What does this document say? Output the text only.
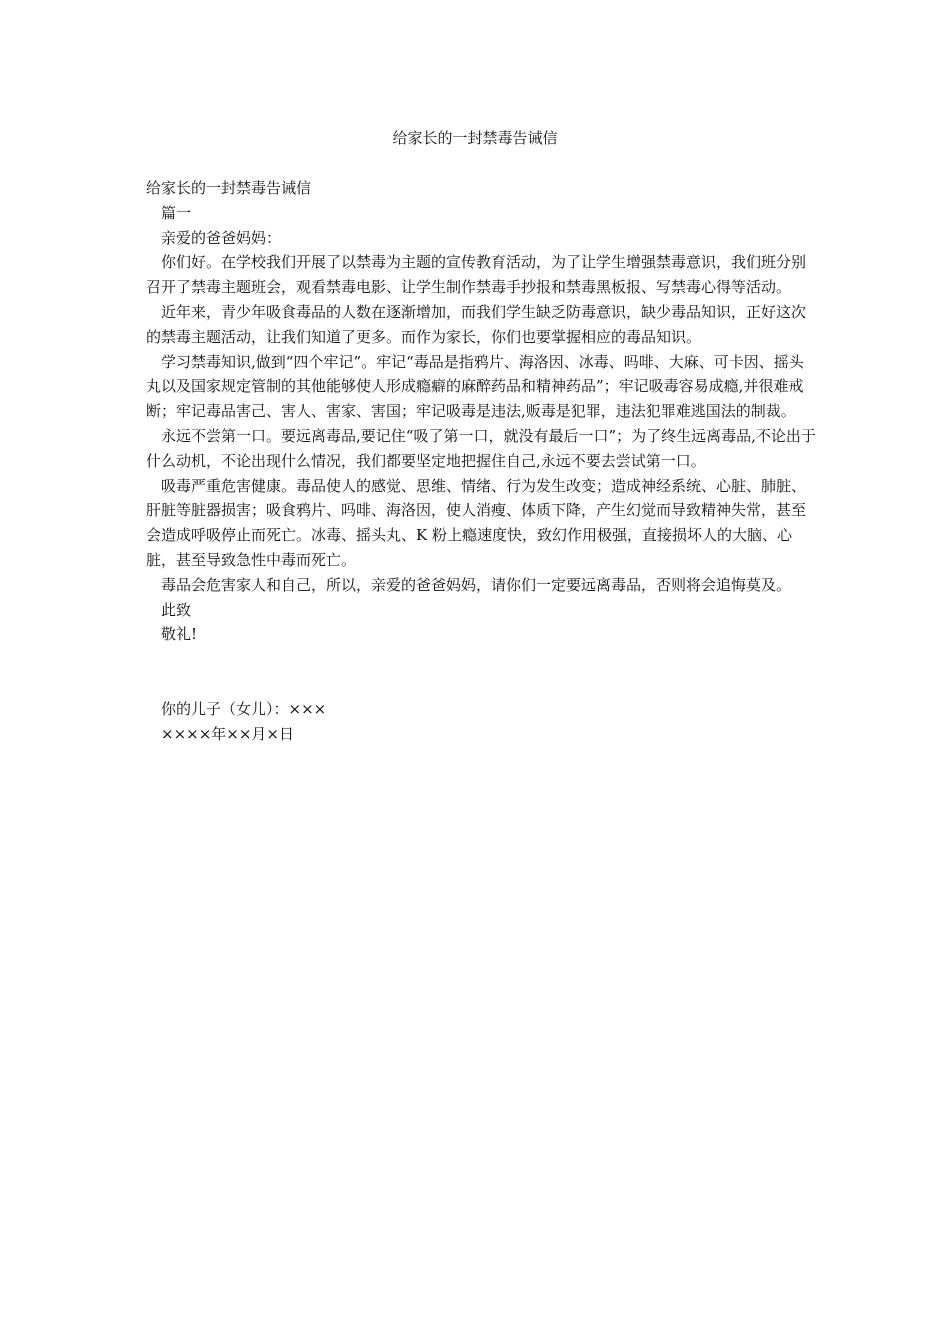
给家长的一封禁毒告诫信

给家长的一封禁毒告诫信

篇一

亲爱的爸爸妈妈：

你们好。在学校我们开展了以禁毒为主题的宣传教育活动，为了让学生增强禁毒意识，我们班分别召开了禁毒主题班会，观看禁毒电影、让学生制作禁毒手抄报和禁毒黑板报、写禁毒心得等活动。

近年来，青少年吸食毒品的人数在逐渐增加，而我们学生缺乏防毒意识，缺少毒品知识，正好这次的禁毒主题活动，让我们知道了更多。而作为家长，你们也要掌握相应的毒品知识。

学习禁毒知识,做到“四个牢记”。牢记“毒品是指鸦片、海洛因、冰毒、吗啡、大麻、可卡因、摇头丸以及国家规定管制的其他能够使人形成瘾癖的麻醉药品和精神药品”；牢记吸毒容易成瘾,并很难戒断；牢记毒品害己、害人、害家、害国；牢记吸毒是违法,贩毒是犯罪，违法犯罪难逃国法的制裁。

永远不尝第一口。要远离毒品,要记住“吸了第一口，就没有最后一口”；为了终生远离毒品,不论出于什么动机，不论出现什么情况，我们都要坚定地把握住自己,永远不要去尝试第一口。

吸毒严重危害健康。毒品使人的感觉、思维、情绪、行为发生改变；造成神经系统、心脏、肺脏、肝脏等脏器损害；吸食鸦片、吗啡、海洛因，使人消瘦、体质下降，产生幻觉而导致精神失常，甚至会造成呼吸停止而死亡。冰毒、摇头丸、K 粉上瘾速度快，致幻作用极强，直接损坏人的大脑、心脏，甚至导致急性中毒而死亡。

毒品会危害家人和自己，所以，亲爱的爸爸妈妈，请你们一定要远离毒品，否则将会追悔莫及。

此致

敬礼!

你的儿子（女儿）：×××

××××年××月×日
